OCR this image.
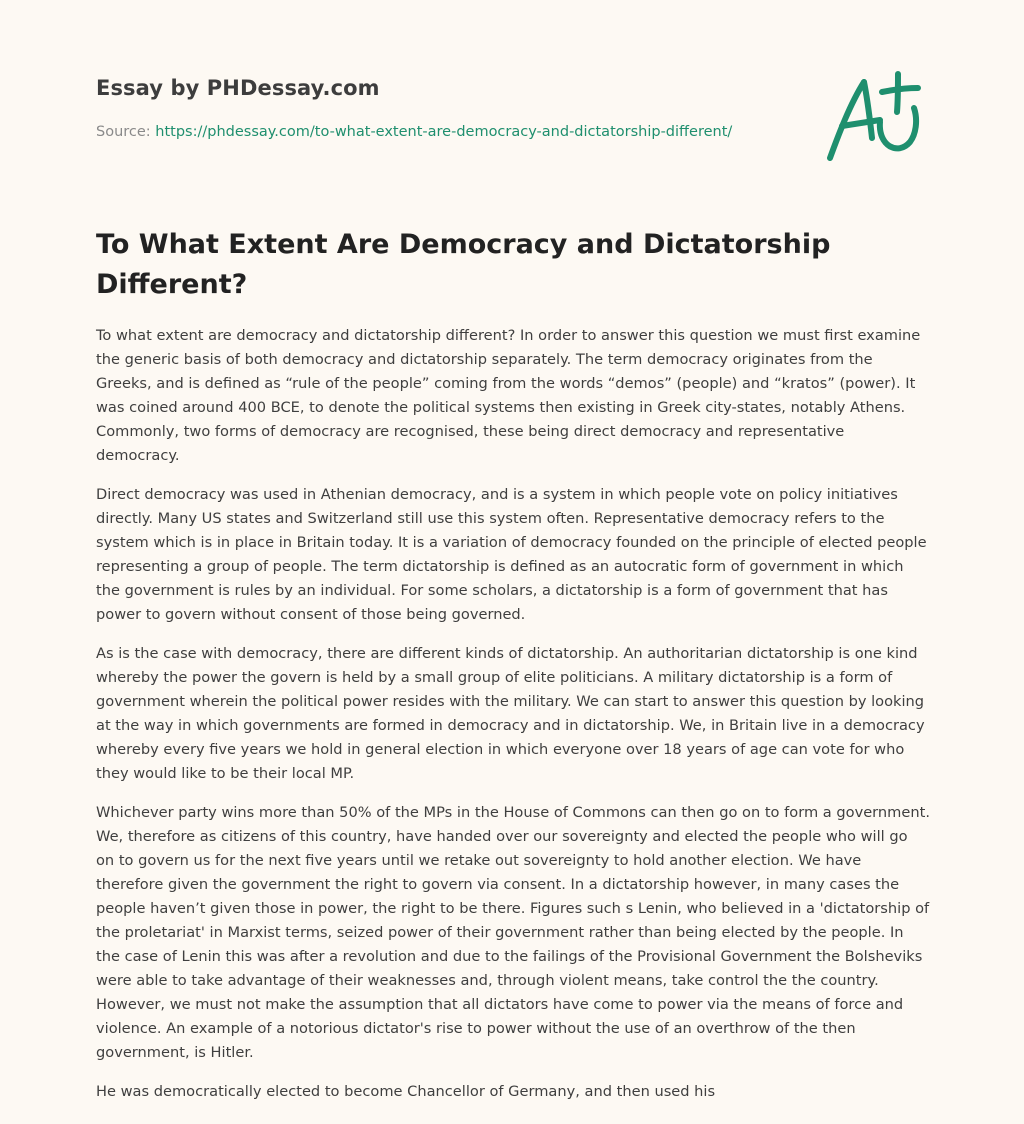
Essay by PHDessay.com
Source: https://phdessay.com/to-what-extent-are-democracy-and-dictatorship-different/
To What Extent Are Democracy and Dictatorship Different?

To what extent are democracy and dictatorship different? In order to answer this question we must first examine the generic basis of both democracy and dictatorship separately. The term democracy originates from the Greeks, and is defined as “rule of the people” coming from the words “demos” (people) and “kratos” (power). It was coined around 400 BCE, to denote the political systems then existing in Greek city-states, notably Athens. Commonly, two forms of democracy are recognised, these being direct democracy and representative democracy.

Direct democracy was used in Athenian democracy, and is a system in which people vote on policy initiatives directly. Many US states and Switzerland still use this system often. Representative democracy refers to the system which is in place in Britain today. It is a variation of democracy founded on the principle of elected people representing a group of people. The term dictatorship is defined as an autocratic form of government in which the government is rules by an individual. For some scholars, a dictatorship is a form of government that has power to govern without consent of those being governed.

As is the case with democracy, there are different kinds of dictatorship. An authoritarian dictatorship is one kind whereby the power the govern is held by a small group of elite politicians. A military dictatorship is a form of government wherein the political power resides with the military. We can start to answer this question by looking at the way in which governments are formed in democracy and in dictatorship. We, in Britain live in a democracy whereby every five years we hold in general election in which everyone over 18 years of age can vote for who they would like to be their local MP.

Whichever party wins more than 50% of the MPs in the House of Commons can then go on to form a government. We, therefore as citizens of this country, have handed over our sovereignty and elected the people who will go on to govern us for the next five years until we retake out sovereignty to hold another election. We have therefore given the government the right to govern via consent. In a dictatorship however, in many cases the people haven’t given those in power, the right to be there. Figures such s Lenin, who believed in a 'dictatorship of the proletariat' in Marxist terms, seized power of their government rather than being elected by the people. In the case of Lenin this was after a revolution and due to the failings of the Provisional Government the Bolsheviks were able to take advantage of their weaknesses and, through violent means, take control the the country. However, we must not make the assumption that all dictators have come to power via the means of force and violence. An example of a notorious dictator's rise to power without the use of an overthrow of the then government, is Hitler.

He was democratically elected to become Chancellor of Germany, and then used his
